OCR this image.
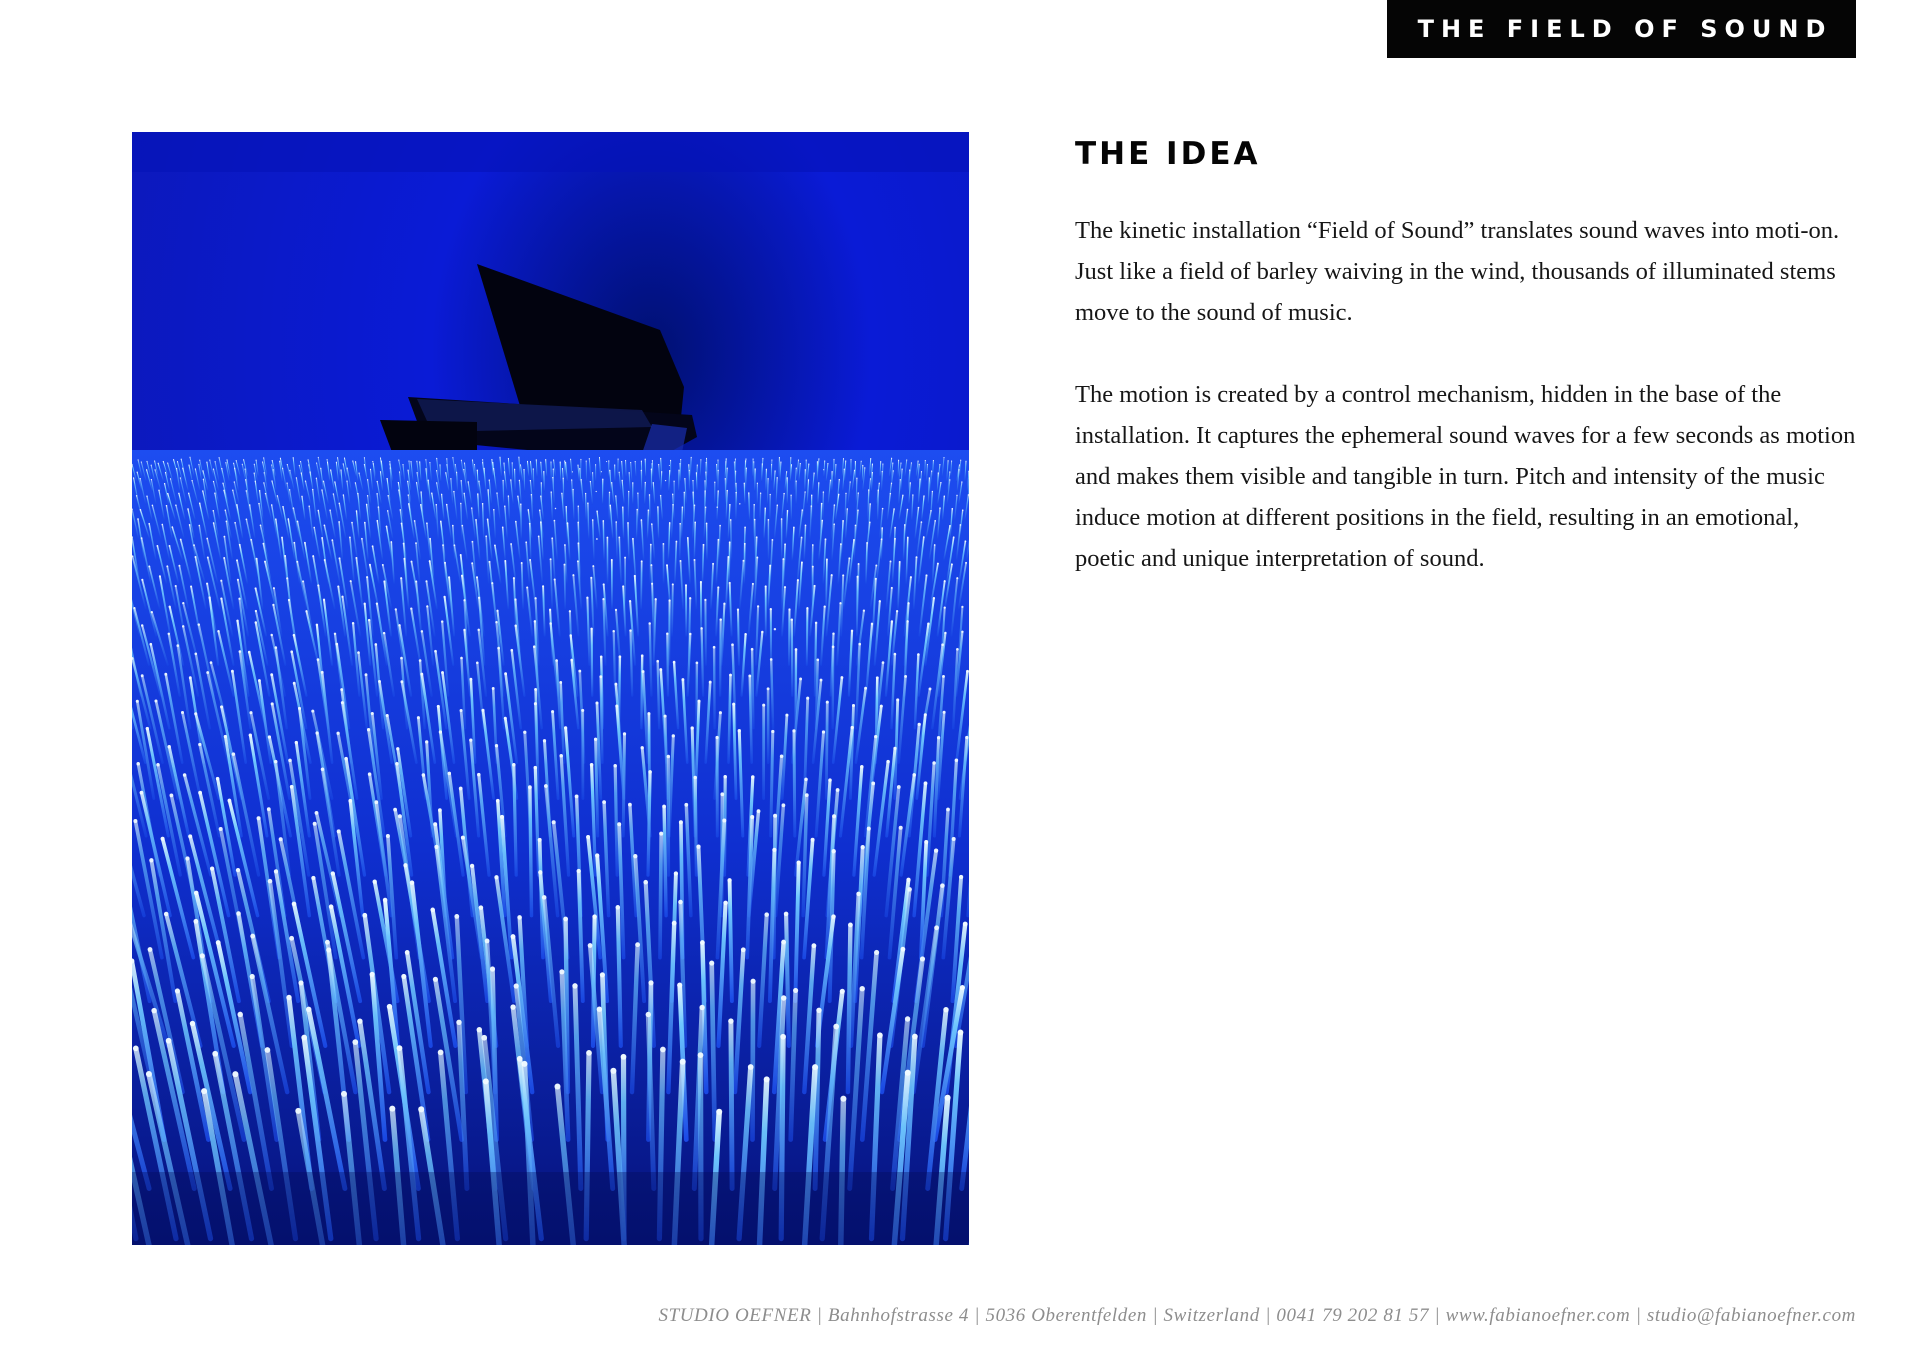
THE FIELD OF SOUND
THE IDEA

The kinetic installation “Field of Sound” translates sound waves into moti-on. Just like a field of barley waiving in the wind, thousands of illuminated stems move to the sound of music.

The motion is created by a control mechanism, hidden in the base of the installation. It captures the ephemeral sound waves for a few seconds as motion and makes them visible and tangible in turn. Pitch and intensity of the music induce motion at different positions in the field, resulting in an emotional, poetic and unique interpretation of sound.

STUDIO OEFNER | Bahnhofstrasse 4 | 5036 Oberentfelden | Switzerland | 0041 79 202 81 57 | www.fabianoefner.com | studio@fabianoefner.com
